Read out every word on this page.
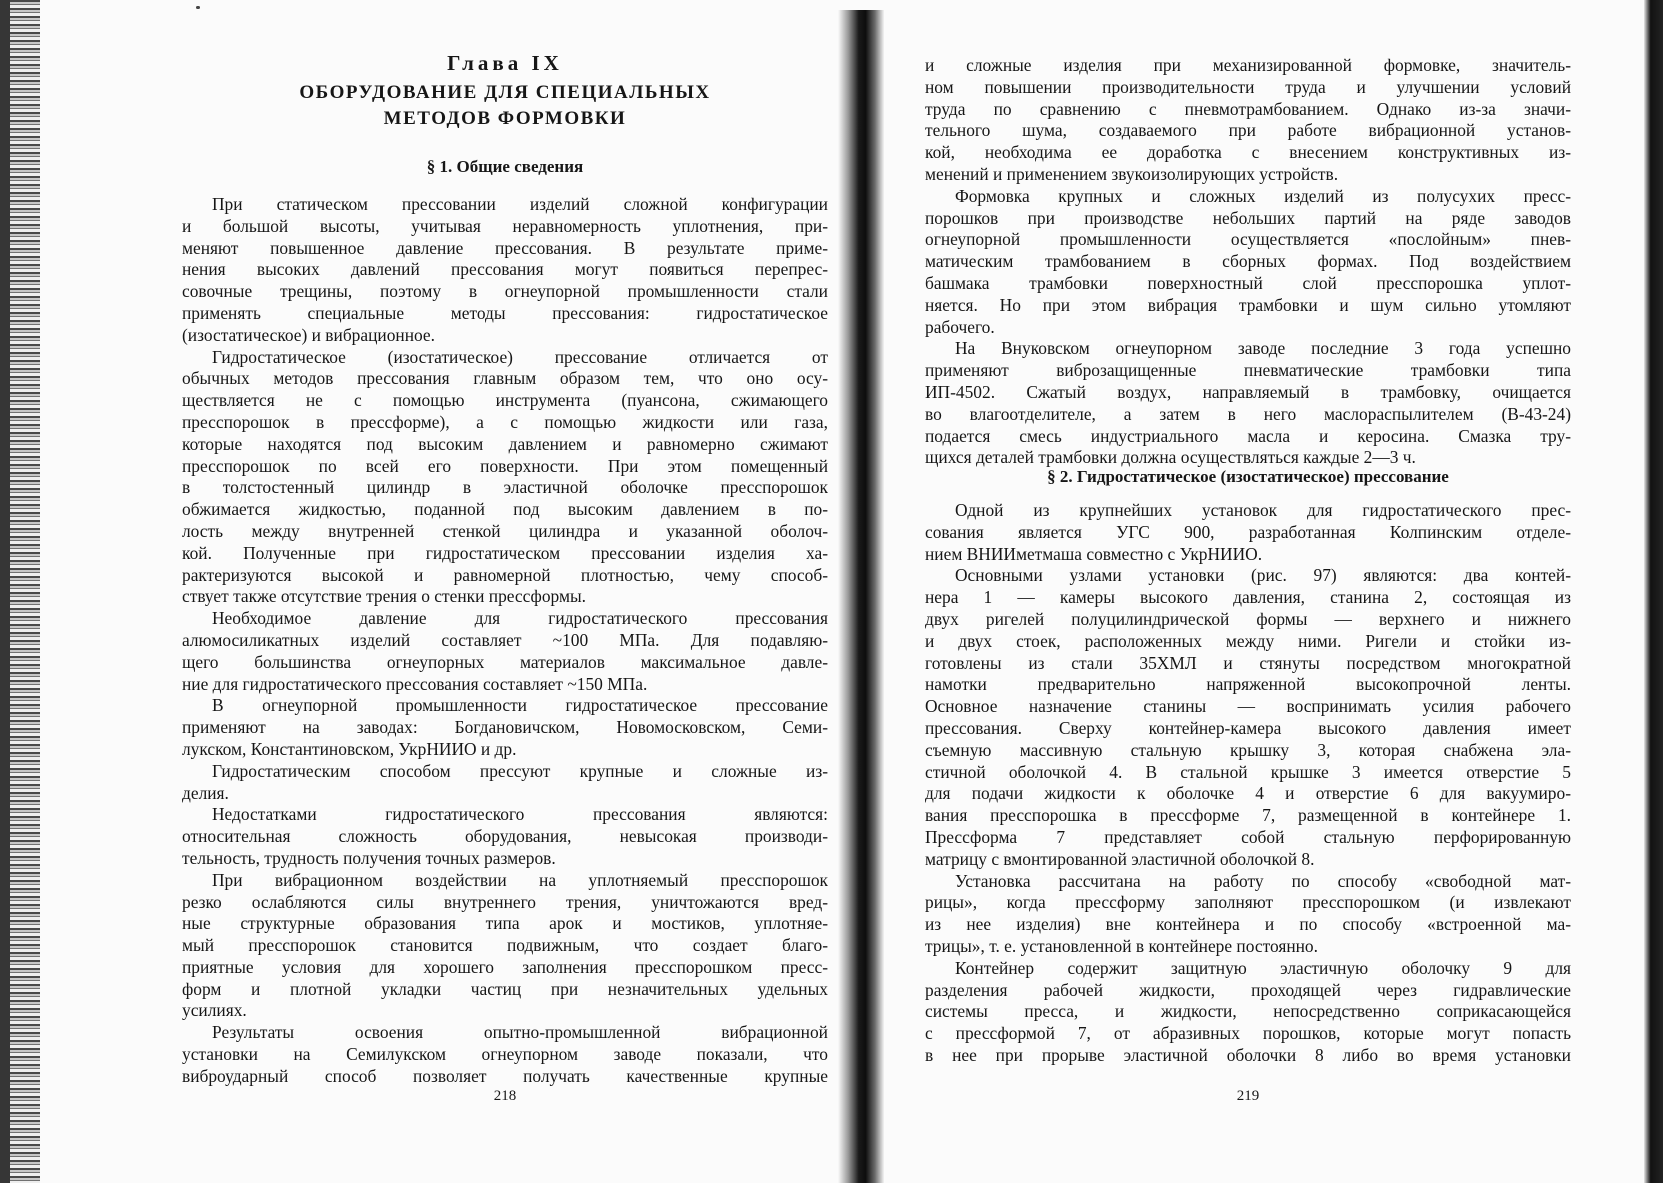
Глава IX
ОБОРУДОВАНИЕ ДЛЯ СПЕЦИАЛЬНЫХ
МЕТОДОВ ФОРМОВКИ
§ 1. Общие сведения
При статическом прессовании изделий сложной конфигурации
и большой высоты, учитывая неравномерность уплотнения, при-
меняют повышенное давление прессования. В результате приме-
нения высоких давлений прессования могут появиться перепрес-
совочные трещины, поэтому в огнеупорной промышленности стали
применять специальные методы прессования: гидростатическое
(изостатическое) и вибрационное.
Гидростатическое (изостатическое) прессование отличается от
обычных методов прессования главным образом тем, что оно осу-
ществляется не с помощью инструмента (пуансона, сжимающего
пресспорошок в прессформе), а с помощью жидкости или газа,
которые находятся под высоким давлением и равномерно сжимают
пресспорошок по всей его поверхности. При этом помещенный
в толстостенный цилиндр в эластичной оболочке пресспорошок
обжимается жидкостью, поданной под высоким давлением в по-
лость между внутренней стенкой цилиндра и указанной оболоч-
кой. Полученные при гидростатическом прессовании изделия ха-
рактеризуются высокой и равномерной плотностью, чему способ-
ствует также отсутствие трения о стенки прессформы.
Необходимое давление для гидростатического прессования
алюмосиликатных изделий составляет ~100 МПа. Для подавляю-
щего большинства огнеупорных материалов максимальное давле-
ние для гидростатического прессования составляет ~150 МПа.
В огнеупорной промышленности гидростатическое прессование
применяют на заводах: Богдановичском, Новомосковском, Семи-
лукском, Константиновском, УкрНИИО и др.
Гидростатическим способом прессуют крупные и сложные из-
делия.
Недостатками гидростатического прессования являются:
относительная сложность оборудования, невысокая производи-
тельность, трудность получения точных размеров.
При вибрационном воздействии на уплотняемый пресспорошок
резко ослабляются силы внутреннего трения, уничтожаются вред-
ные структурные образования типа арок и мостиков, уплотняе-
мый пресспорошок становится подвижным, что создает благо-
приятные условия для хорошего заполнения пресспорошком пресс-
форм и плотной укладки частиц при незначительных удельных
усилиях.
Результаты освоения опытно-промышленной вибрационной
установки на Семилукском огнеупорном заводе показали, что
виброударный способ позволяет получать качественные крупные
218
и сложные изделия при механизированной формовке, значитель-
ном повышении производительности труда и улучшении условий
труда по сравнению с пневмотрамбованием. Однако из-за значи-
тельного шума, создаваемого при работе вибрационной установ-
кой, необходима ее доработка с внесением конструктивных из-
менений и применением звукоизолирующих устройств.
Формовка крупных и сложных изделий из полусухих пресс-
порошков при производстве небольших партий на ряде заводов
огнеупорной промышленности осуществляется «послойным» пнев-
матическим трамбованием в сборных формах. Под воздействием
башмака трамбовки поверхностный слой пресспорошка уплот-
няется. Но при этом вибрация трамбовки и шум сильно утомляют
рабочего.
На Внуковском огнеупорном заводе последние 3 года успешно
применяют виброзащищенные пневматические трамбовки типа
ИП-4502. Сжатый воздух, направляемый в трамбовку, очищается
во влагоотделителе, а затем в него маслораспылителем (В-43-24)
подается смесь индустриального масла и керосина. Смазка тру-
щихся деталей трамбовки должна осуществляться каждые 2—3 ч.
§ 2. Гидростатическое (изостатическое) прессование
Одной из крупнейших установок для гидростатического прес-
сования является УГС 900, разработанная Колпинским отделе-
нием ВНИИметмаша совместно с УкрНИИО.
Основными узлами установки (рис. 97) являются: два контей-
нера 1 — камеры высокого давления, станина 2, состоящая из
двух ригелей полуцилиндрической формы — верхнего и нижнего
и двух стоек, расположенных между ними. Ригели и стойки из-
готовлены из стали 35ХМЛ и стянуты посредством многократной
намотки предварительно напряженной высокопрочной ленты.
Основное назначение станины — воспринимать усилия рабочего
прессования. Сверху контейнер-камера высокого давления имеет
съемную массивную стальную крышку 3, которая снабжена эла-
стичной оболочкой 4. В стальной крышке 3 имеется отверстие 5
для подачи жидкости к оболочке 4 и отверстие 6 для вакуумиро-
вания пресспорошка в прессформе 7, размещенной в контейнере 1.
Прессформа 7 представляет собой стальную перфорированную
матрицу с вмонтированной эластичной оболочкой 8.
Установка рассчитана на работу по способу «свободной мат-
рицы», когда прессформу заполняют пресспорошком (и извлекают
из нее изделия) вне контейнера и по способу «встроенной ма-
трицы», т. е. установленной в контейнере постоянно.
Контейнер содержит защитную эластичную оболочку 9 для
разделения рабочей жидкости, проходящей через гидравлические
системы пресса, и жидкости, непосредственно соприкасающейся
с прессформой 7, от абразивных порошков, которые могут попасть
в нее при прорыве эластичной оболочки 8 либо во время установки
219
